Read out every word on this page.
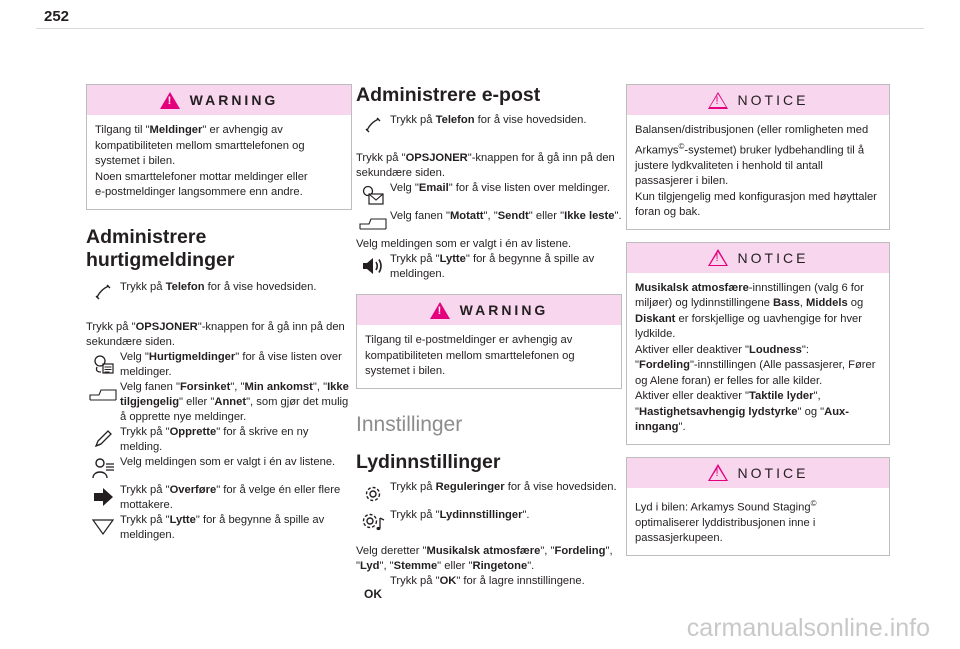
252
!
WARNING
Tilgang til "Meldinger" er avhengig av
kompatibiliteten mellom smarttelefonen og
systemet i bilen.
Noen smarttelefoner mottar meldinger eller
e-postmeldinger langsommere enn andre.
Administrere
hurtigmeldinger
Trykk på Telefon for å vise hovedsiden.
Trykk på "OPSJONER"-knappen for å gå inn på den sekundære siden.
Velg "Hurtigmeldinger" for å vise listen over meldinger.
Velg fanen "Forsinket", "Min ankomst", "Ikke tilgjengelig" eller "Annet", som gjør det mulig å opprette nye meldinger.
Trykk på "Opprette" for å skrive en ny melding.
Velg meldingen som er valgt i én av listene.
Trykk på "Overføre" for å velge én eller flere mottakere.
Trykk på "Lytte" for å begynne å spille av meldingen.
Administrere e-post
Trykk på Telefon for å vise hovedsiden.
Trykk på "OPSJONER"-knappen for å gå inn på den sekundære siden.
Velg "Email" for å vise listen over meldinger.
Velg fanen "Motatt", "Sendt" eller "Ikke leste".
Velg meldingen som er valgt i én av listene.
Trykk på "Lytte" for å begynne å spille av meldingen.
!
WARNING
Tilgang til e-postmeldinger er avhengig av kompatibiliteten mellom smarttelefonen og systemet i bilen.
Innstillinger
Lydinnstillinger
Trykk på Reguleringer for å vise hovedsiden.
Trykk på "Lydinnstillinger".
Velg deretter "Musikalsk atmosfære", "Fordeling", "Lyd", "Stemme" eller "Ringetone".
OK
Trykk på "OK" for å lagre innstillingene.
!
NOTICE
Balansen/distribusjonen (eller romligheten med Arkamys©-systemet) bruker lydbehandling til å justere lydkvaliteten i henhold til antall passasjerer i bilen.
Kun tilgjengelig med konfigurasjon med høyttaler foran og bak.
!
NOTICE
Musikalsk atmosfære-innstillingen (valg 6 for miljøer) og lydinnstillingene Bass, Middels og Diskant er forskjellige og uavhengige for hver lydkilde.
Aktiver eller deaktiver "Loudness":
"Fordeling"-innstillingen (Alle passasjerer, Fører og Alene foran) er felles for alle kilder.
Aktiver eller deaktiver "Taktile lyder", "Hastighetsavhengig lydstyrke" og "Aux-inngang".
!
NOTICE
Lyd i bilen: Arkamys Sound Staging© optimaliserer lyddistribusjonen inne i passasjerkupeen.
carmanualsonline.info
